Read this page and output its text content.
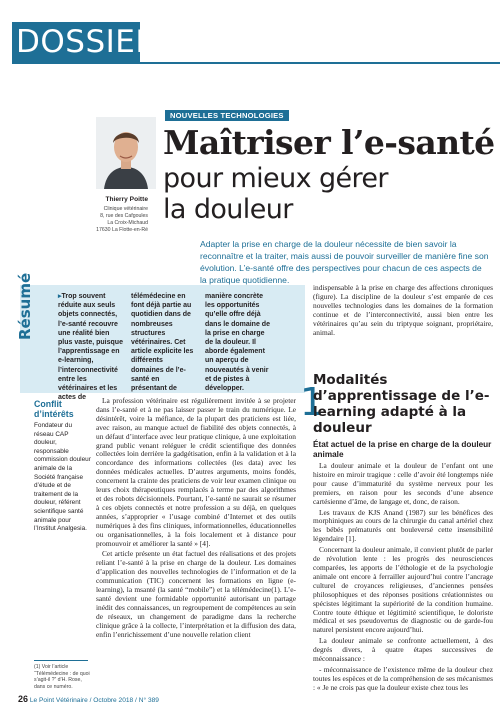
DOSSIER
Thierry Poitte
Clinique vétérinaire
8, rue des Cafgoules
La Croix-Michaud
17630 La Flotte-en-Ré
NOUVELLES TECHNOLOGIES
Maîtriser l’e-santé
pour mieux gérer
la douleur
Adapter la prise en charge de la douleur nécessite de bien savoir la reconnaître et la traiter, mais aussi de pouvoir surveiller de manière fine son évolution. L’e-santé offre des perspectives pour chacun de ces aspects de la pratique quotidienne.
Résumé	▸Trop souvent réduite aux seuls objets connectés, l’e-santé recouvre une réalité bien plus vaste, puisque l’apprentissage en e-learning, l’interconnectivité entre les vétérinaires et les actes de
télémédecine en font déjà partie au quotidien dans de nombreuses structures vétérinaires. Cet article explicite les différents domaines de l’e-santé en présentant de
manière concrète les opportunités qu’elle offre déjà dans le domaine de la prise en charge de la douleur. Il aborde également un aperçu de nouveautés à venir et de pistes à développer.
Conflit d’intérêts
Fondateur du réseau CAP douleur, responsable commission douleur animale de la Société française d’étude et de traitement de la douleur, référent scientifique santé animale pour l’Institut Analgesia.
(1) Voir l’article “Télémédecine : de quoi s’agit-il ?” d’H. Rose, dans ce numéro.

La profession vétérinaire est régulièrement invitée à se projeter dans l’e-santé et à ne pas laisser passer le train du numérique. Le désintérêt, voire la méfiance, de la plupart des praticiens est liée, avec raison, au manque actuel de fiabilité des objets connectés, à un défaut d’interface avec leur pratique clinique, à une exploitation grand public venant reléguer le crédit scientifique des données collectées loin derrière la gadgétisation, enfin à la validation et à la concordance des informations collectées (les data) avec les données médicales actuelles. D’autres arguments, moins fondés, concernent la crainte des praticiens de voir leur examen clinique ou leurs choix thérapeutiques remplacés à terme par des algorithmes et des robots décisionnels. Pourtant, l’e-santé ne saurait se résumer à ces objets connectés et notre profession a su déjà, en quelques années, s’approprier « l’usage combiné d’Internet et des outils numériques à des fins cliniques, informationnelles, éducationnelles ou organisationnelles, à la fois localement et à distance pour promouvoir et améliorer la santé » [4].

Cet article présente un état factuel des réalisations et des projets reliant l’e-santé à la prise en charge de la douleur. Les domaines d’application des nouvelles technologies de l’information et de la communication (TIC) concernent les formations en ligne (e-learning), la msanté (la santé “mobile”) et la télémédecine(1). L’e-santé devient une formidable opportunité autorisant un partage inédit des connaissances, un regroupement de compétences au sein de réseaux, un changement de paradigme dans la recherche clinique grâce à la collecte, l’interprétation et la diffusion des data, enfin l’enrichissement d’une nouvelle relation client

indispensable à la prise en charge des affections chroniques (figure). La discipline de la douleur s’est emparée de ces nouvelles technologies dans les domaines de la formation continue et de l’interconnectivité, aussi bien entre les vétérinaires qu’au sein du triptyque soignant, propriétaire, animal.

1
Modalités d’apprentissage de l’e-learning adapté à la douleur
État actuel de la prise en charge de la douleur animale

La douleur animale et la douleur de l’enfant ont une histoire en miroir tragique : celle d’avoir été longtemps niée pour cause d’immaturité du système nerveux pour les premiers, en raison pour les seconds d’une absence cartésienne d’âme, de langage et, donc, de raison.

Les travaux de KJS Anand (1987) sur les bénéfices des morphiniques au cours de la chirurgie du canal artériel chez les bébés prématurés ont bouleversé cette insensibilité légendaire [1].

Concernant la douleur animale, il convient plutôt de parler de révolution lente : les progrès des neurosciences comparées, les apports de l’éthologie et de la psychologie animale ont encore à ferrailler aujourd’hui contre l’ancrage culturel de croyances religieuses, d’anciennes pensées philosophiques et des réponses positions créationnistes ou spécistes légitimant la supériorité de la condition humaine. Contre toute éthique et légitimité scientifique, le doloriste médical et ses pseudovertus de diagnostic ou de garde-fou naturel persistent encore aujourd’hui.

La douleur animale se confronte actuellement, à des degrés divers, à quatre étapes successives de méconnaissance :

- méconnaissance de l’existence même de la douleur chez toutes les espèces et de la compréhension de ses mécanismes : « Je ne crois pas que la douleur existe chez tous les

26 Le Point Vétérinaire / Octobre 2018 / N° 389
